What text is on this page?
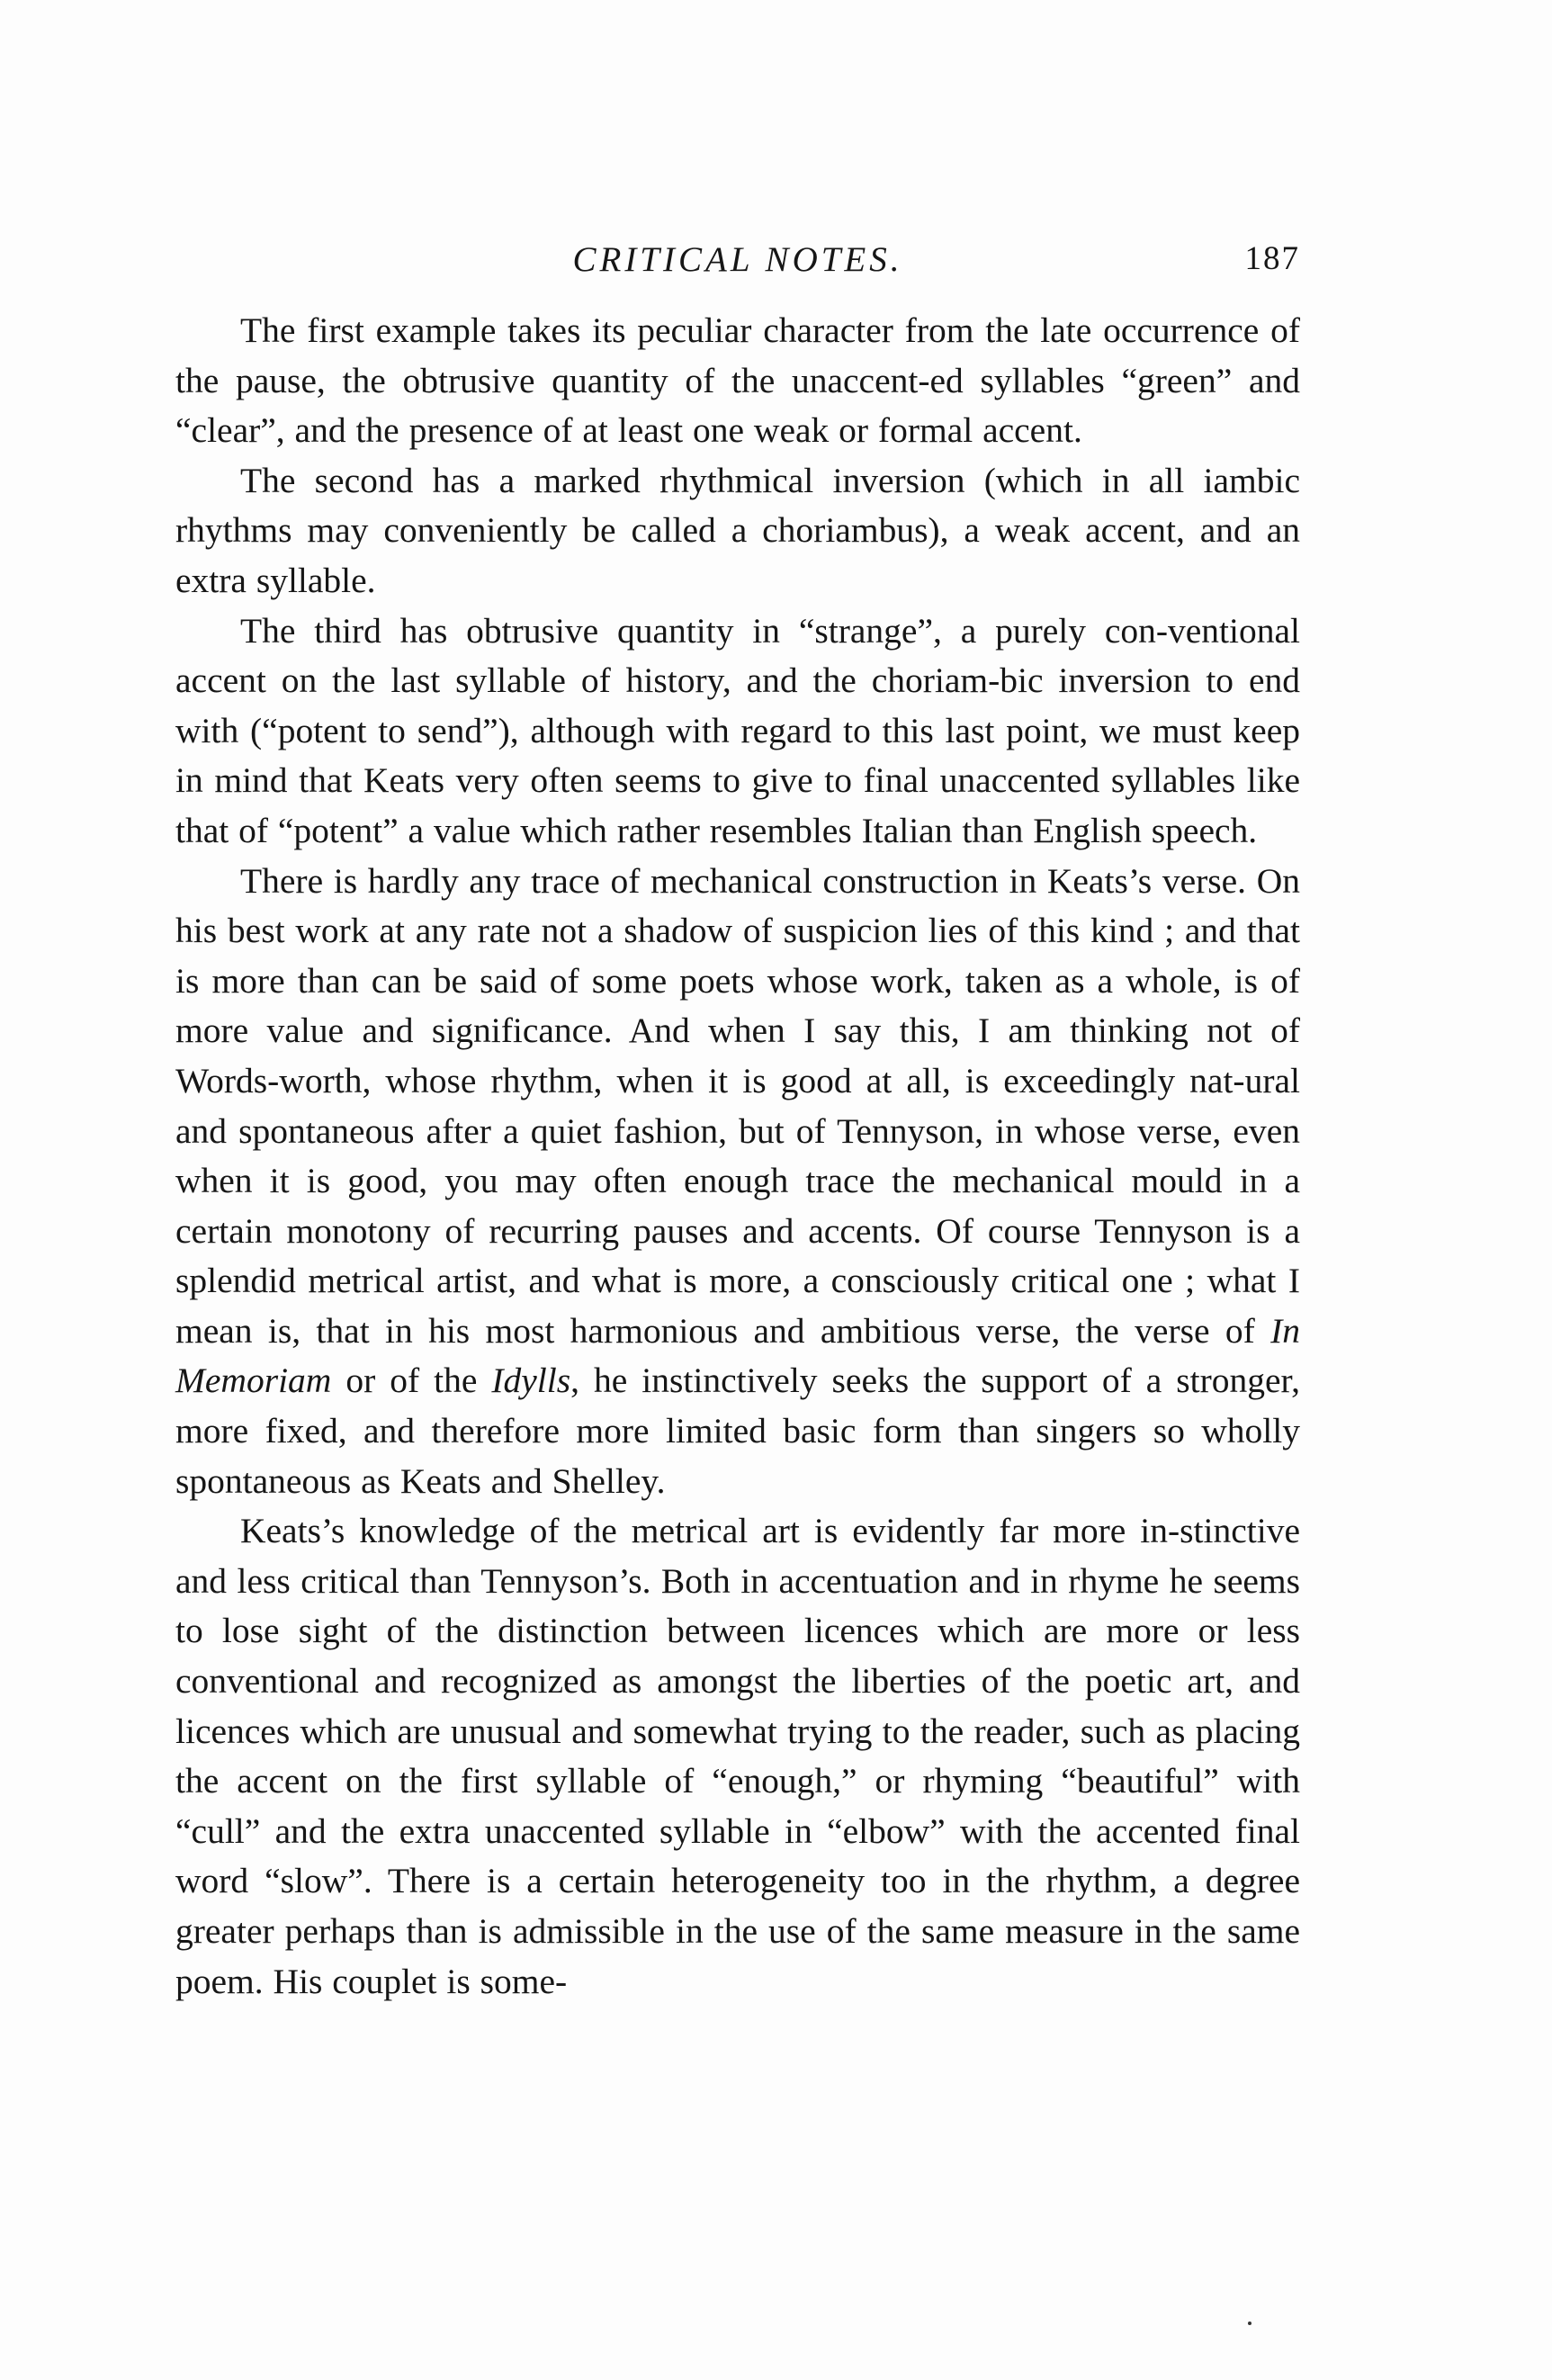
CRITICAL NOTES.	187

The first example takes its peculiar character from the late occurrence of the pause, the obtrusive quantity of the unaccent-ed syllables “green” and “clear”, and the presence of at least one weak or formal accent.

The second has a marked rhythmical inversion (which in all iambic rhythms may conveniently be called a choriambus), a weak accent, and an extra syllable.

The third has obtrusive quantity in “strange”, a purely con-ventional accent on the last syllable of history, and the choriam-bic inversion to end with (“potent to send”), although with regard to this last point, we must keep in mind that Keats very often seems to give to final unaccented syllables like that of “potent” a value which rather resembles Italian than English speech.

There is hardly any trace of mechanical construction in Keats’s verse. On his best work at any rate not a shadow of suspicion lies of this kind ; and that is more than can be said of some poets whose work, taken as a whole, is of more value and significance. And when I say this, I am thinking not of Words-worth, whose rhythm, when it is good at all, is exceedingly nat-ural and spontaneous after a quiet fashion, but of Tennyson, in whose verse, even when it is good, you may often enough trace the mechanical mould in a certain monotony of recurring pauses and accents. Of course Tennyson is a splendid metrical artist, and what is more, a consciously critical one ; what I mean is, that in his most harmonious and ambitious verse, the verse of In Memoriam or of the Idylls, he instinctively seeks the support of a stronger, more fixed, and therefore more limited basic form than singers so wholly spontaneous as Keats and Shelley.

Keats’s knowledge of the metrical art is evidently far more in-stinctive and less critical than Tennyson’s. Both in accentuation and in rhyme he seems to lose sight of the distinction between licences which are more or less conventional and recognized as amongst the liberties of the poetic art, and licences which are unusual and somewhat trying to the reader, such as placing the accent on the first syllable of “enough,” or rhyming “beautiful” with “cull” and the extra unaccented syllable in “elbow” with the accented final word “slow”. There is a certain heterogeneity too in the rhythm, a degree greater perhaps than is admissible in the use of the same measure in the same poem. His couplet is some-
